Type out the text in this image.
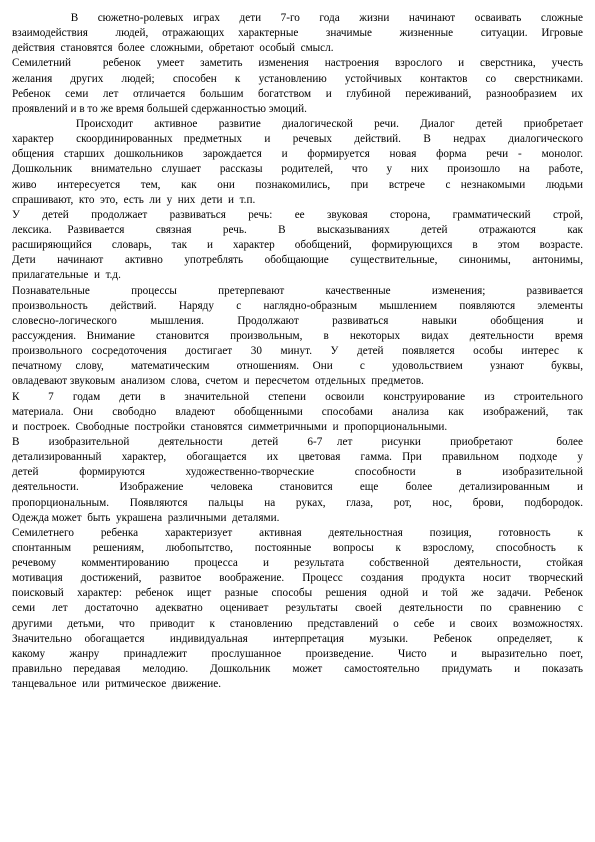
В  сюжетно-ролевых играх  дети  7-го  года  жизни  начинают  осваивать  сложные
взаимодействия  людей, отражающих характерные  значимые  жизненные  ситуации. Игровые
действия  становятся  более  сложными,  обретают  особый  смысл.
Семилетний  ребенок умеет заметить изменения настроения взрослого и сверстника, учесть
желания других людей; способен к установлению устойчивых контактов со сверстниками.
Ребенок семи лет отличается большим богатством и глубиной переживаний, разнообразием их
проявлений и в то же время большей сдержанностью эмоций.
Происходит  активное  развитие  диалогической  речи.  Диалог  детей  приобретает
характер  скоординированных предметных  и  речевых  действий.  В  недрах  диалогического
общения старших дошкольников  зарождается  и  формируется  новая  форма  речи -  монолог.
Дошкольник  внимательно слушает  рассказы  родителей,  что  у  них  произошло  на  работе,
живо  интересуется  тем,  как  они  познакомились,  при  встрече  с незнакомыми  людьми
спрашивают,  кто  это,  есть  ли  у  них  дети  и  т.п.
У  детей  продолжает  развиваться  речь:  ее  звуковая  сторона,  грамматический  строй,
лексика. Развивается  связная  речь.  В  высказываниях  детей  отражаются  как
расширяющийся  словарь,  так  и  характер  обобщений,  формирующихся  в  этом  возрасте.
Дети  начинают  активно  употреблять  обобщающие  существительные,  синонимы,  антонимы,
прилагательные  и  т.д.
Познавательные  процессы  претерпевают  качественные  изменения;  развивается
произвольность  действий.  Наряду  с  наглядно-образным  мышлением  появляются  элементы
словесно-логического  мышления.  Продолжают  развиваться  навыки  обобщения  и
рассуждения. Внимание  становится  произвольным,  в  некоторых  видах  деятельности  время
произвольного сосредоточения  достигает  30  минут.  У  детей  появляется  особы  интерес  к
печатному слову,  математическим  отношениям. Они  с  удовольствием  узнают  буквы,
овладевают звуковым  анализом  слова,  счетом  и  пересчетом  отдельных  предметов.
К   7  годам  дети  в  значительной  степени  освоили  конструирование  из  строительного
материала. Они  свободно  владеют  обобщенными  способами  анализа  как  изображений,  так
и  построек.  Свободные  постройки  становятся  симметричными  и  пропорциональными.
В  изобразительной  деятельности  детей  6-7 лет  рисунки  приобретают   более
детализированный  характер,  обогащается  их  цветовая  гамма. При  правильном  подходе  у
детей  формируются  художественно-творческие  способности  в  изобразительной
деятельности.   Изображение  человека  становится  еще  более  детализированным  и
пропорциональным.  Появляются  пальцы  на  руках,  глаза,  рот,  нос,  брови,  подбородок.
Одежда может  быть  украшена  различными  деталями.
Семилетнего ребенка характеризует активная деятельностная позиция, готовность к
спонтанным решениям, любопытство, постоянные вопросы к взрослому, способность к
речевому комментированию процесса и результата собственной деятельности, стойкая
мотивация достижений, развитое воображение. Процесс создания продукта носит творческий
поисковый характер: ребенок ищет разные способы решения одной и той же задачи. Ребенок
семи лет достаточно адекватно оценивает результаты своей деятельности по сравнению с
другими детьми, что приводит к становлению представлений о себе и своих возможностях.
Значительно обогащается  индивидуальная  интерпретация  музыки.  Ребенок  определяет,  к
какому  жанру  принадлежит  прослушанное  произведение.  Чисто  и  выразительно поет,
правильно передавая  мелодию.  Дошкольник  может  самостоятельно  придумать  и  показать
танцевальное  или  ритмическое  движение.
